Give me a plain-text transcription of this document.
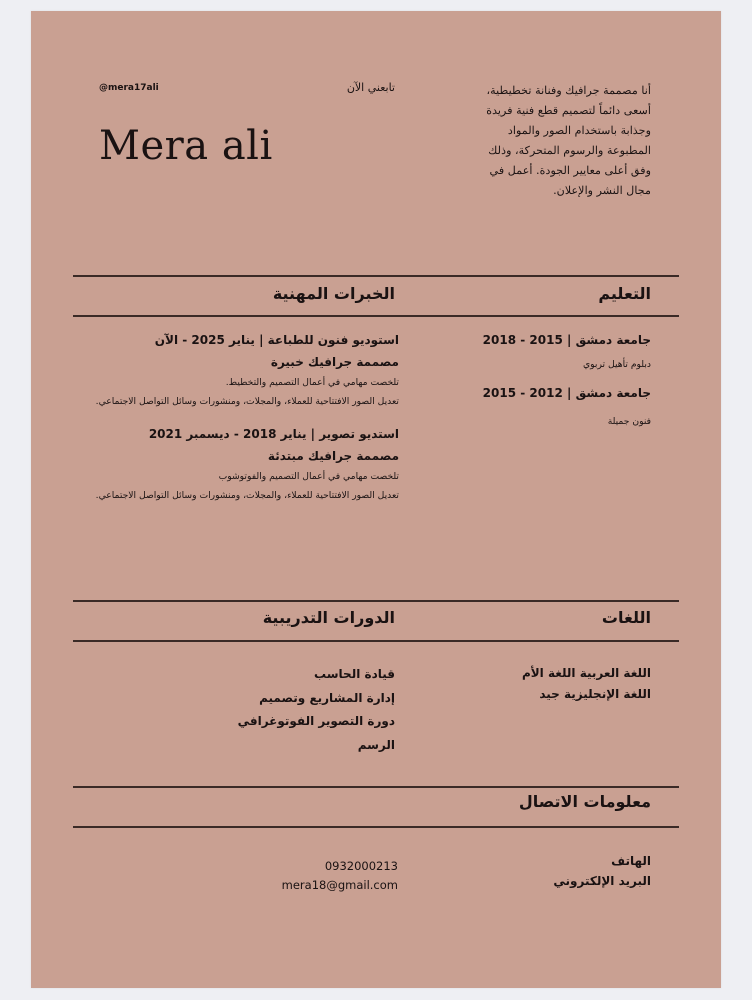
@mera17ali	تابعني الآن
Mera ali
أنا مصممة جرافيك وفنانة تخطيطية، أسعى دائماً لتصميم قطع فنية فريدة وجذابة باستخدام الصور والمواد المطبوعة والرسوم المتحركة، وذلك وفق أعلى معايير الجودة. أعمل في مجال النشر والإعلان.
التعليم
الخبرات المهنية
جامعة دمشق | 2015 - 2018
دبلوم تأهيل تربوي
جامعة دمشق | 2012 - 2015
فنون جميلة
استوديو فنون للطباعة | يناير 2025 - الآن
مصممة جرافيك خبيرة
تلخصت مهامي في أعمال التصميم والتخطيط.
تعديل الصور الافتتاحية للعملاء، والمجلات، ومنشورات وسائل التواصل الاجتماعي.
استديو تصوير | يناير 2018 - ديسمبر 2021
مصممة جرافيك مبتدئة
تلخصت مهامي في أعمال التصميم والفوتوشوب
تعديل الصور الافتتاحية للعملاء، والمجلات، ومنشورات وسائل التواصل الاجتماعي.
اللغات
الدورات التدريبية
اللغة العربية اللغة الأم
اللغة الإنجليزية جيد
قيادة الحاسب
إدارة المشاريع وتصميم
دورة التصوير الفوتوغرافي
الرسم
معلومات الاتصال
الهاتف
البريد الإلكتروني
0932000213
mera18@gmail.com
